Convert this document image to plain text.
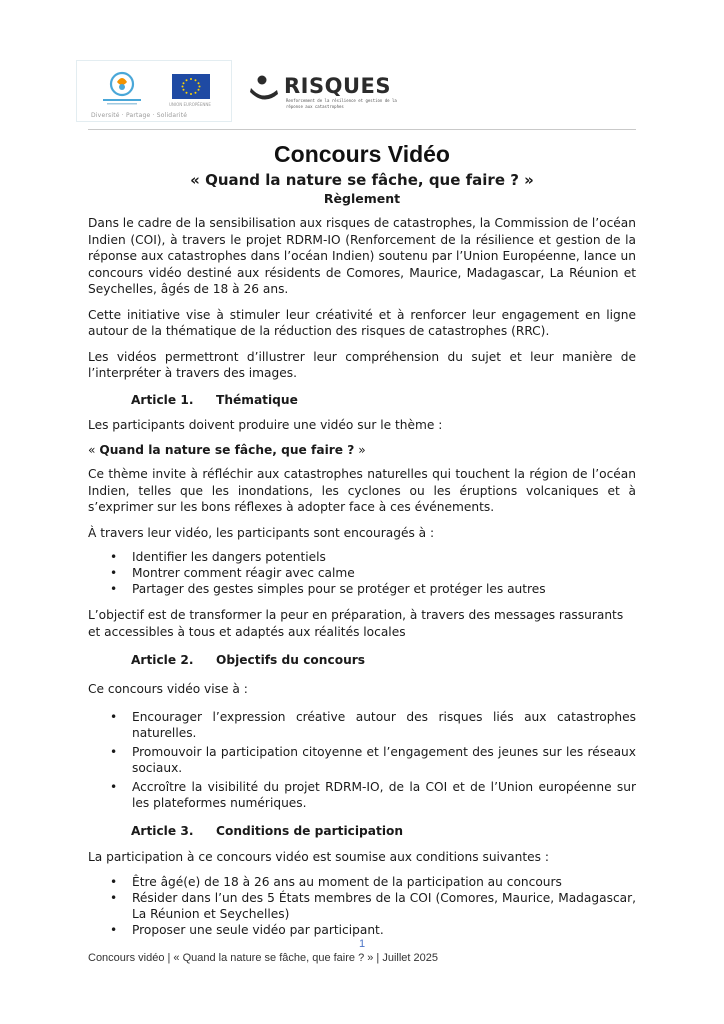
UNION EUROPÉENNE
Diversité · Partage · Solidarité
RISQUES
Renforcement de la résilience et gestion de la réponse aux catastrophes
Concours Vidéo
« Quand la nature se fâche, que faire ? »
Règlement

Dans le cadre de la sensibilisation aux risques de catastrophes, la Commission de l’océan Indien (COI), à travers le projet RDRM-IO (Renforcement de la résilience et gestion de la réponse aux catastrophes dans l’océan Indien) soutenu par l’Union Européenne, lance un concours vidéo destiné aux résidents de Comores, Maurice, Madagascar, La Réunion et Seychelles, âgés de 18 à 26 ans.

Cette initiative vise à stimuler leur créativité et à renforcer leur engagement en ligne autour de la thématique de la réduction des risques de catastrophes (RRC).

Les vidéos permettront d’illustrer leur compréhension du sujet et leur manière de l’interpréter à travers des images.

Article 1. Thématique

Les participants doivent produire une vidéo sur le thème :

« Quand la nature se fâche, que faire ? »

Ce thème invite à réfléchir aux catastrophes naturelles qui touchent la région de l’océan Indien, telles que les inondations, les cyclones ou les éruptions volcaniques et à s’exprimer sur les bons réflexes à adopter face à ces événements.

À travers leur vidéo, les participants sont encouragés à :

• Identifier les dangers potentiels
• Montrer comment réagir avec calme
• Partager des gestes simples pour se protéger et protéger les autres

L’objectif est de transformer la peur en préparation, à travers des messages rassurants et accessibles à tous et adaptés aux réalités locales

Article 2. Objectifs du concours

Ce concours vidéo vise à :

• Encourager l’expression créative autour des risques liés aux catastrophes naturelles.
• Promouvoir la participation citoyenne et l’engagement des jeunes sur les réseaux sociaux.
• Accroître la visibilité du projet RDRM-IO, de la COI et de l’Union européenne sur les plateformes numériques.
Article 3. Conditions de participation

La participation à ce concours vidéo est soumise aux conditions suivantes :

• Être âgé(e) de 18 à 26 ans au moment de la participation au concours
• Résider dans l’un des 5 États membres de la COI (Comores, Maurice, Madagascar, La Réunion et Seychelles)
• Proposer une seule vidéo par participant.
1
Concours vidéo | « Quand la nature se fâche, que faire ? » | Juillet 2025
